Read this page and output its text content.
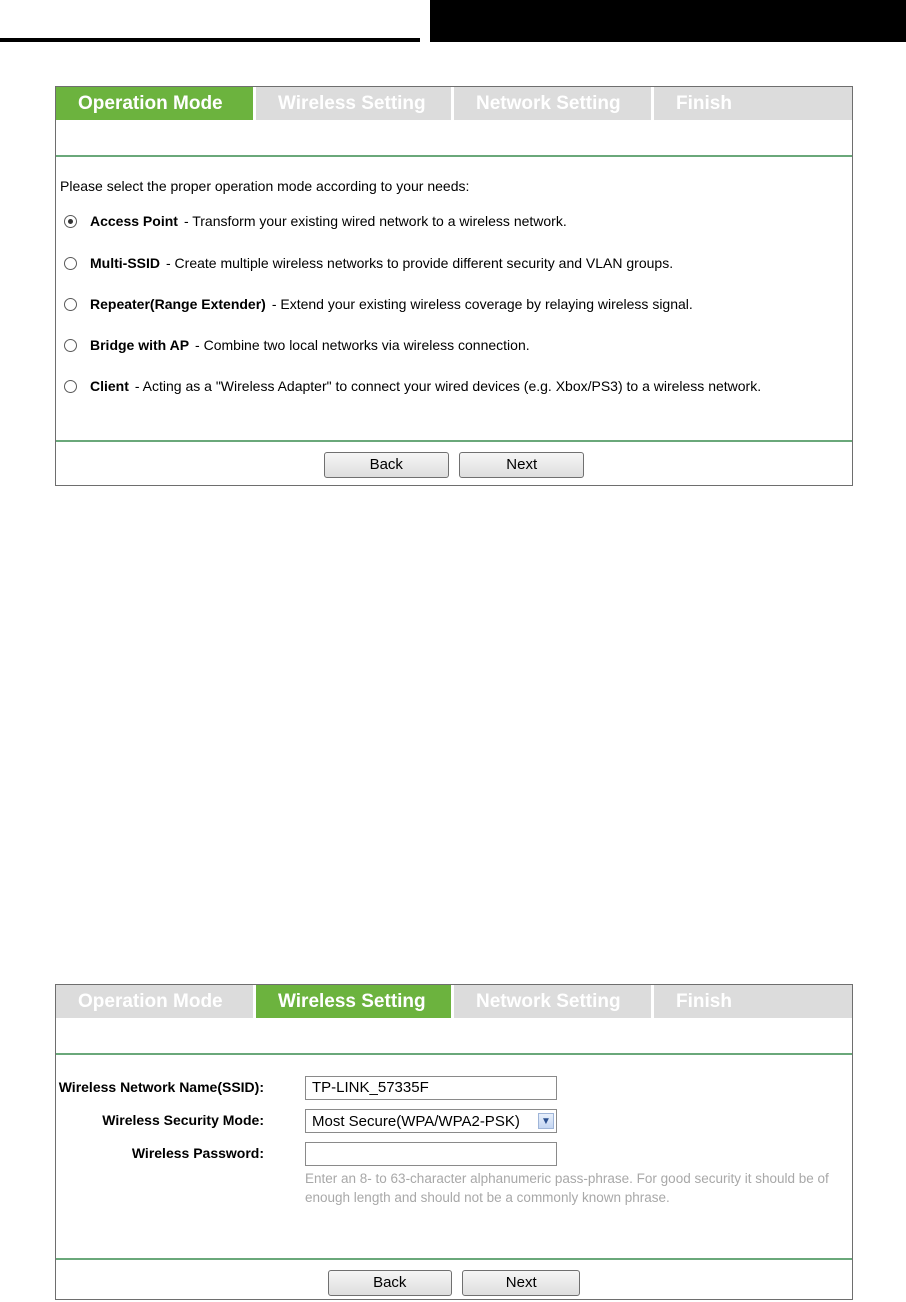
Operation Mode	Wireless Setting	Network Setting	Finish
Please select the proper operation mode according to your needs:
Access Point - Transform your existing wired network to a wireless network.
Multi-SSID - Create multiple wireless networks to provide different security and VLAN groups.
Repeater(Range Extender) - Extend your existing wireless coverage by relaying wireless signal.
Bridge with AP - Combine two local networks via wireless connection.
Client - Acting as a "Wireless Adapter" to connect your wired devices (e.g. Xbox/PS3) to a wireless network.
Back	Next
Operation Mode	Wireless Setting	Network Setting	Finish
Wireless Network Name(SSID):	TP-LINK_57335F
Wireless Security Mode:	Most Secure(WPA/WPA2-PSK)	▼
Wireless Password:
Enter an 8- to 63-character alphanumeric pass-phrase. For good security it should be of enough length and should not be a commonly known phrase.
Back	Next
